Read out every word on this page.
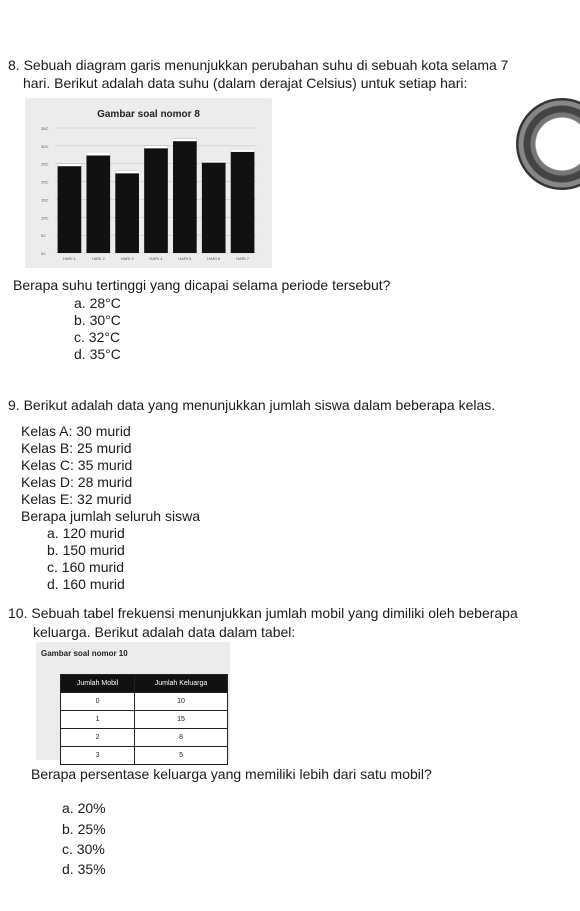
8. Sebuah diagram garis menunjukkan perubahan suhu di sebuah kota selama 7
hari. Berikut adalah data suhu (dalam derajat Celsius) untuk setiap hari:
Gambar soal nomor 8
0C
5C
10C
15C
20C
25C
30C
35C
HARI 1	HARI 2	HARI 3	HARI 4	HARI 5	HARI 6	HARI 7
Berapa suhu tertinggi yang dicapai selama periode tersebut?
a. 28°C
b. 30°C
c. 32°C
d. 35°C
9. Berikut adalah data yang menunjukkan jumlah siswa dalam beberapa kelas.
Kelas A: 30 murid
Kelas B: 25 murid
Kelas C: 35 murid
Kelas D: 28 murid
Kelas E: 32 murid
Berapa jumlah seluruh siswa
a. 120 murid
b. 150 murid
c. 160 murid
d. 160 murid
10. Sebuah tabel frekuensi menunjukkan jumlah mobil yang dimiliki oleh beberapa
keluarga. Berikut adalah data dalam tabel:
Gambar soal nomor 10
Jumlah Mobil	Jumlah Keluarga
0	10
1	15
2	8
3	5
Berapa persentase keluarga yang memiliki lebih dari satu mobil?
a. 20%
b. 25%
c. 30%
d. 35%
